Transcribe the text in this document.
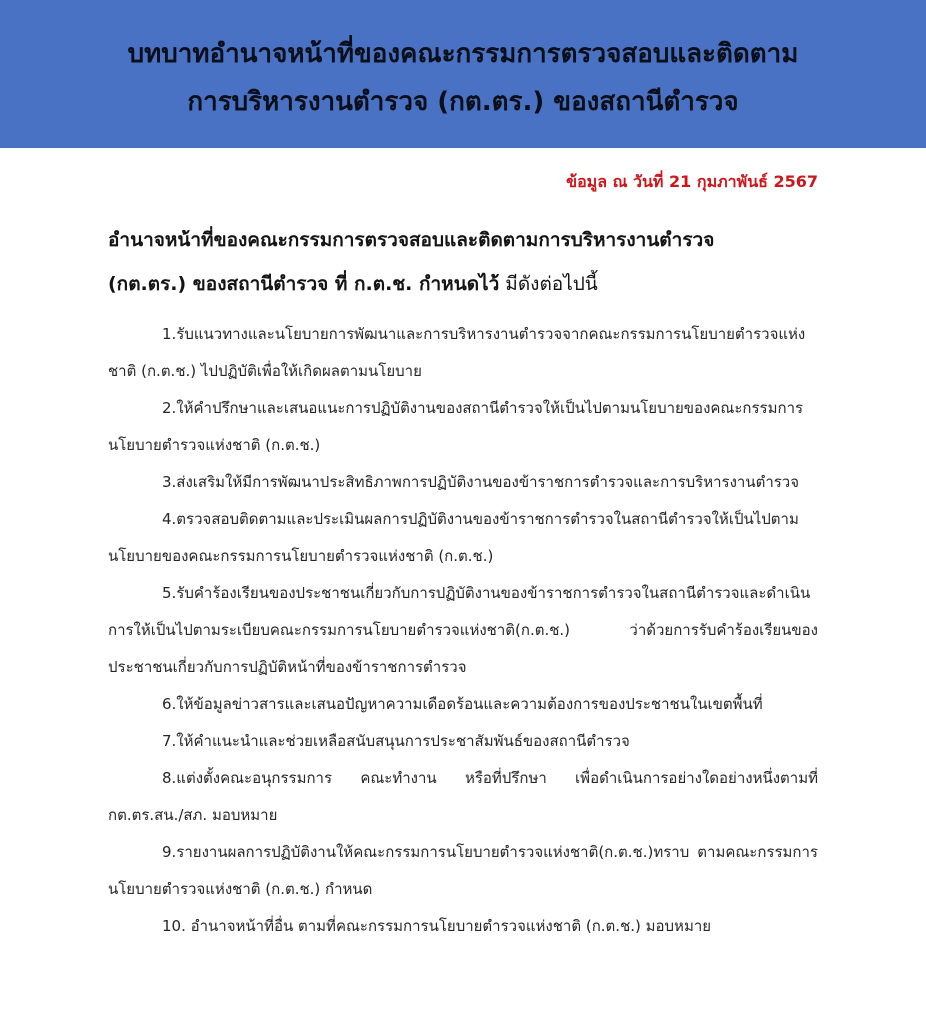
บทบาทอำนาจหน้าที่ของคณะกรรมการตรวจสอบและติดตาม
การบริหารงานตำรวจ (กต.ตร.) ของสถานีตำรวจ
ข้อมูล ณ วันที่ 21 กุมภาพันธ์ 2567
อำนาจหน้าที่ของคณะกรรมการตรวจสอบและติดตามการบริหารงานตำรวจ
(กต.ตร.) ของสถานีตำรวจ ที่ ก.ต.ช. กำหนดไว้ มีดังต่อไปนี้

1.รับแนวทางและนโยบายการพัฒนาและการบริหารงานตำรวจจากคณะกรรมการนโยบายตำรวจแห่งชาติ (ก.ต.ช.) ไปปฏิบัติเพื่อให้เกิดผลตามนโยบาย

2.ให้คำปรึกษาและเสนอแนะการปฏิบัติงานของสถานีตำรวจให้เป็นไปตามนโยบายของคณะกรรมการนโยบายตำรวจแห่งชาติ (ก.ต.ช.)

3.ส่งเสริมให้มีการพัฒนาประสิทธิภาพการปฏิบัติงานของข้าราชการตำรวจและการบริหารงานตำรวจ

4.ตรวจสอบติดตามและประเมินผลการปฏิบัติงานของข้าราชการตำรวจในสถานีตำรวจให้เป็นไปตามนโยบายของคณะกรรมการนโยบายตำรวจแห่งชาติ (ก.ต.ช.)

5.รับคำร้องเรียนของประชาชนเกี่ยวกับการปฏิบัติงานของข้าราชการตำรวจในสถานีตำรวจและดำเนินการให้เป็นไปตามระเบียบคณะกรรมการนโยบายตำรวจแห่งชาติ(ก.ต.ช.) ว่าด้วยการรับคำร้องเรียนของประชาชนเกี่ยวกับการปฏิบัติหน้าที่ของข้าราชการตำรวจ

6.ให้ข้อมูลข่าวสารและเสนอปัญหาความเดือดร้อนและความต้องการของประชาชนในเขตพื้นที่

7.ให้คำแนะนำและช่วยเหลือสนับสนุนการประชาสัมพันธ์ของสถานีตำรวจ

8.แต่งตั้งคณะอนุกรรมการ คณะทำงาน หรือที่ปรึกษา เพื่อดำเนินการอย่างใดอย่างหนึ่งตามที่ กต.ตร.สน./สภ. มอบหมาย

9.รายงานผลการปฏิบัติงานให้คณะกรรมการนโยบายตำรวจแห่งชาติ(ก.ต.ช.)ทราบ ตามคณะกรรมการนโยบายตำรวจแห่งชาติ (ก.ต.ช.) กำหนด

10. อำนาจหน้าที่อื่น ตามที่คณะกรรมการนโยบายตำรวจแห่งชาติ (ก.ต.ช.) มอบหมาย
